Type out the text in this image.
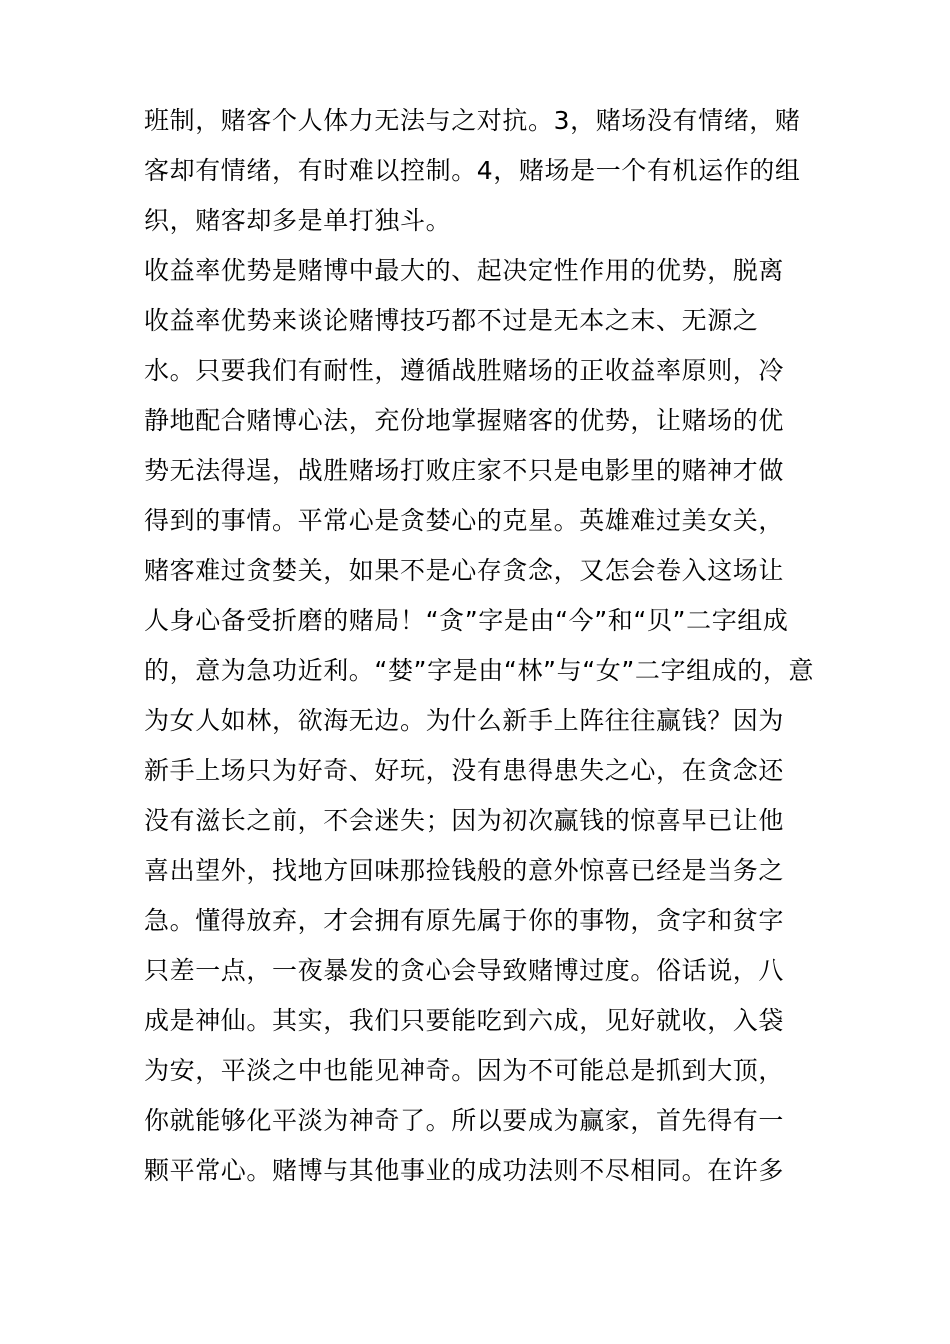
班制，赌客个人体力无法与之对抗。3，赌场没有情绪，赌
客却有情绪，有时难以控制。4，赌场是一个有机运作的组
织，赌客却多是单打独斗。
收益率优势是赌博中最大的、起决定性作用的优势，脱离
收益率优势来谈论赌博技巧都不过是无本之末、无源之
水。只要我们有耐性，遵循战胜赌场的正收益率原则，冷
静地配合赌博心法，充份地掌握赌客的优势，让赌场的优
势无法得逞，战胜赌场打败庄家不只是电影里的赌神才做
得到的事情。平常心是贪婪心的克星。英雄难过美女关，
赌客难过贪婪关，如果不是心存贪念，又怎会卷入这场让
人身心备受折磨的赌局！“贪”字是由“今”和“贝”二字组成
的，意为急功近利。“婪”字是由“林”与“女”二字组成的，意
为女人如林，欲海无边。为什么新手上阵往往赢钱？因为
新手上场只为好奇、好玩，没有患得患失之心，在贪念还
没有滋长之前，不会迷失；因为初次赢钱的惊喜早已让他
喜出望外，找地方回味那捡钱般的意外惊喜已经是当务之
急。懂得放弃，才会拥有原先属于你的事物，贪字和贫字
只差一点，一夜暴发的贪心会导致赌博过度。俗话说，八
成是神仙。其实，我们只要能吃到六成，见好就收，入袋
为安，平淡之中也能见神奇。因为不可能总是抓到大顶，
你就能够化平淡为神奇了。所以要成为赢家，首先得有一
颗平常心。赌博与其他事业的成功法则不尽相同。在许多
